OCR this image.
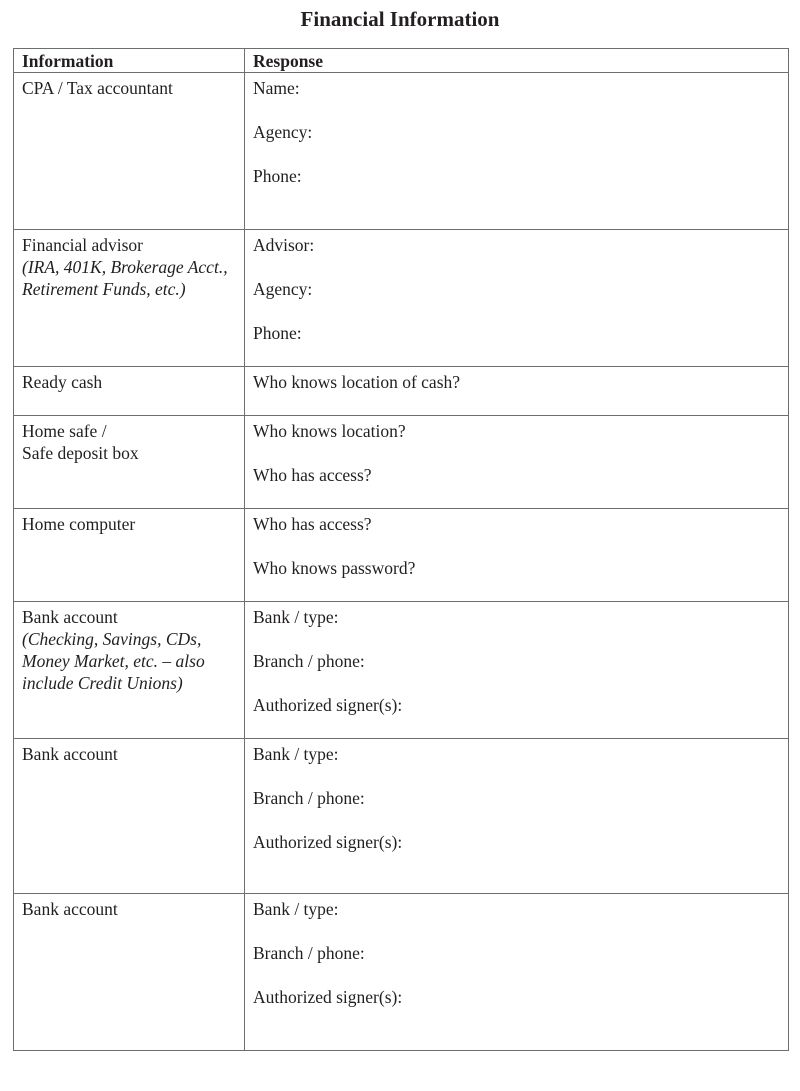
Financial Information
Information	Response

CPA / Tax accountant	Name:
Agency:
Phone:

Financial advisor
(IRA, 401K, Brokerage Acct.,
Retirement Funds, etc.)	Advisor:
Agency:
Phone:

Ready cash	Who knows location of cash?

Home safe /
Safe deposit box	Who knows location?
Who has access?

Home computer	Who has access?
Who knows password?

Bank account
(Checking, Savings, CDs,
Money Market, etc. – also
include Credit Unions)	Bank / type:
Branch / phone:
Authorized signer(s):

Bank account	Bank / type:
Branch / phone:
Authorized signer(s):

Bank account	Bank / type:
Branch / phone:
Authorized signer(s):
